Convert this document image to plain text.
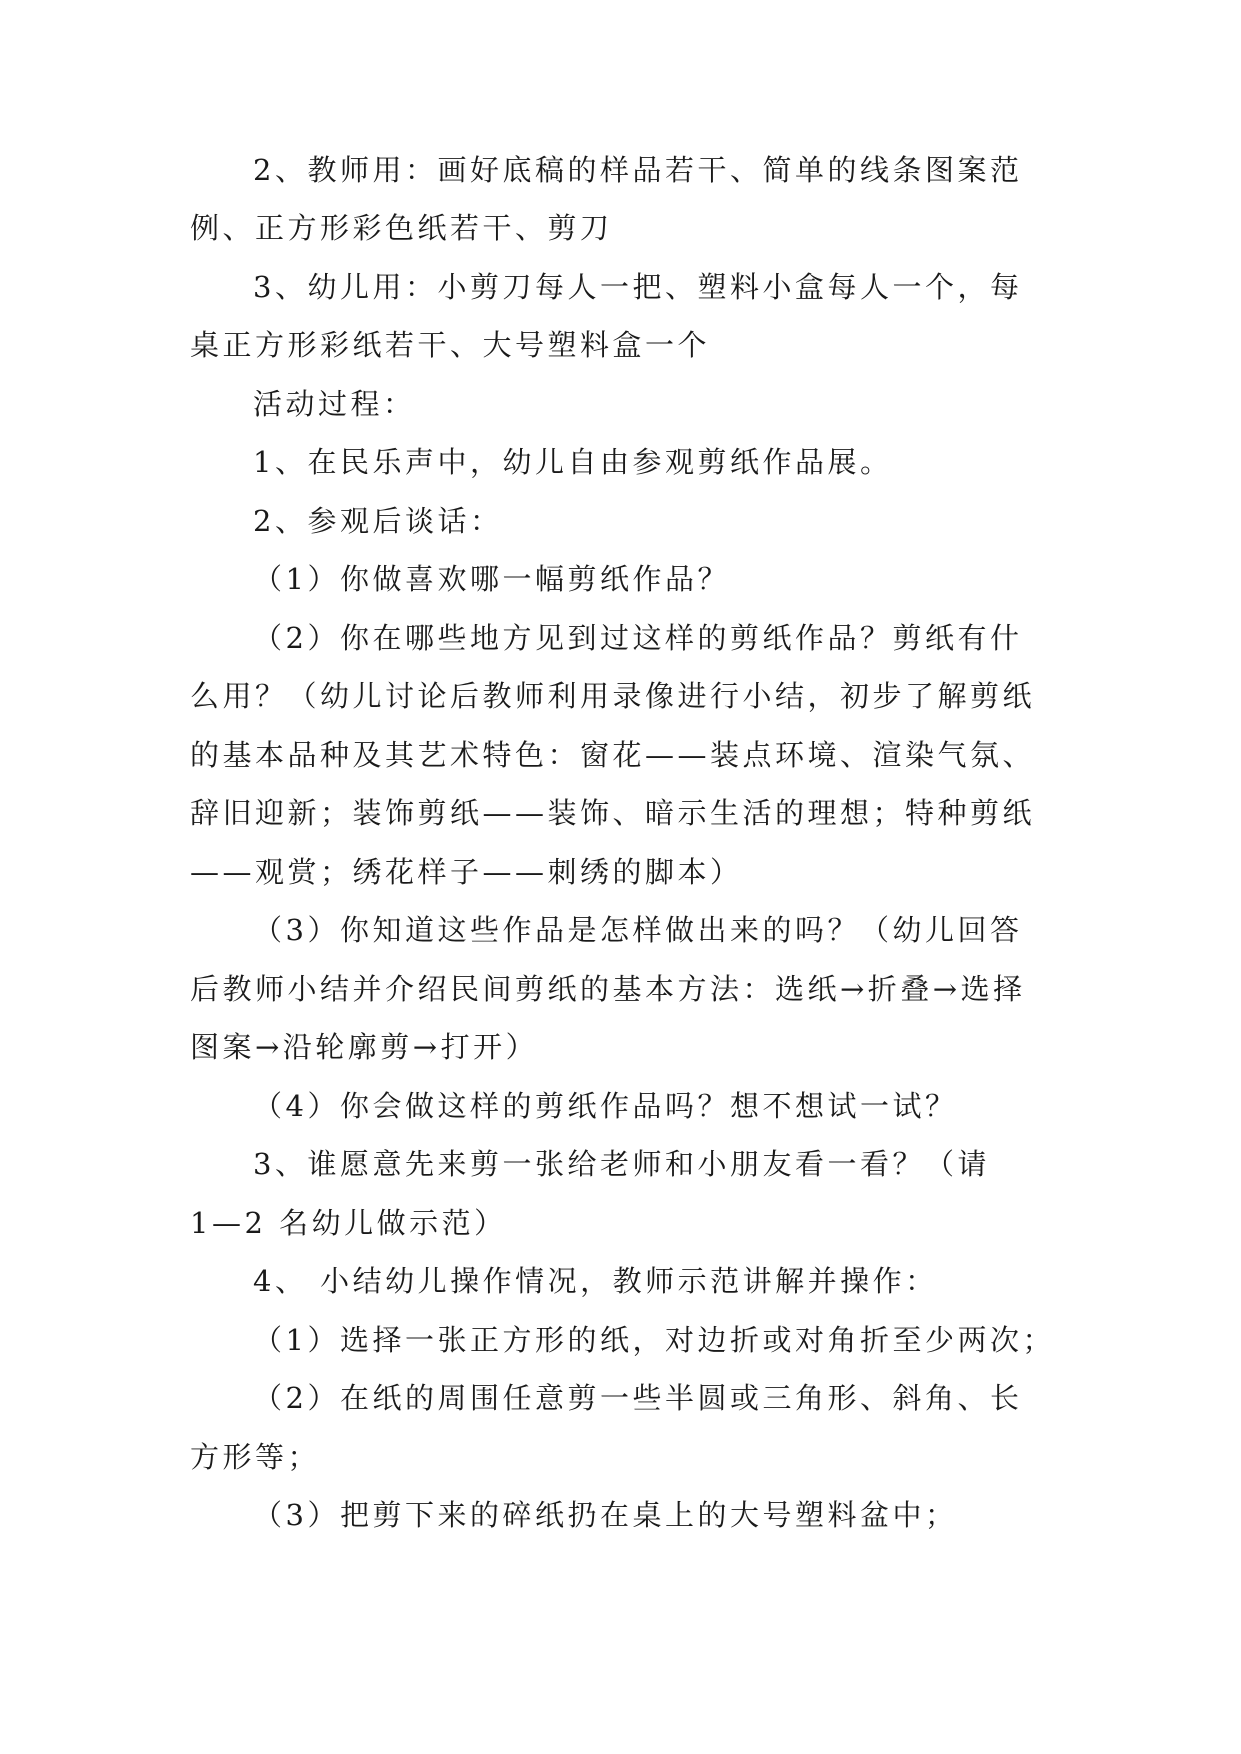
2、教师用：画好底稿的样品若干、简单的线条图案范
例、正方形彩色纸若干、剪刀
3、幼儿用：小剪刀每人一把、塑料小盒每人一个，每
桌正方形彩纸若干、大号塑料盒一个
活动过程：
1、在民乐声中，幼儿自由参观剪纸作品展。
2、参观后谈话：
（1）你做喜欢哪一幅剪纸作品？
（2）你在哪些地方见到过这样的剪纸作品？剪纸有什
么用？（幼儿讨论后教师利用录像进行小结，初步了解剪纸
的基本品种及其艺术特色：窗花——装点环境、渲染气氛、
辞旧迎新；装饰剪纸——装饰、暗示生活的理想；特种剪纸
——观赏；绣花样子——刺绣的脚本）
（3）你知道这些作品是怎样做出来的吗？（幼儿回答
后教师小结并介绍民间剪纸的基本方法：选纸→折叠→选择
图案→沿轮廓剪→打开）
（4）你会做这样的剪纸作品吗？想不想试一试？
3、谁愿意先来剪一张给老师和小朋友看一看？（请
1—2 名幼儿做示范）
4、 小结幼儿操作情况，教师示范讲解并操作：
（1）选择一张正方形的纸，对边折或对角折至少两次；
（2）在纸的周围任意剪一些半圆或三角形、斜角、长
方形等；
（3）把剪下来的碎纸扔在桌上的大号塑料盆中；
